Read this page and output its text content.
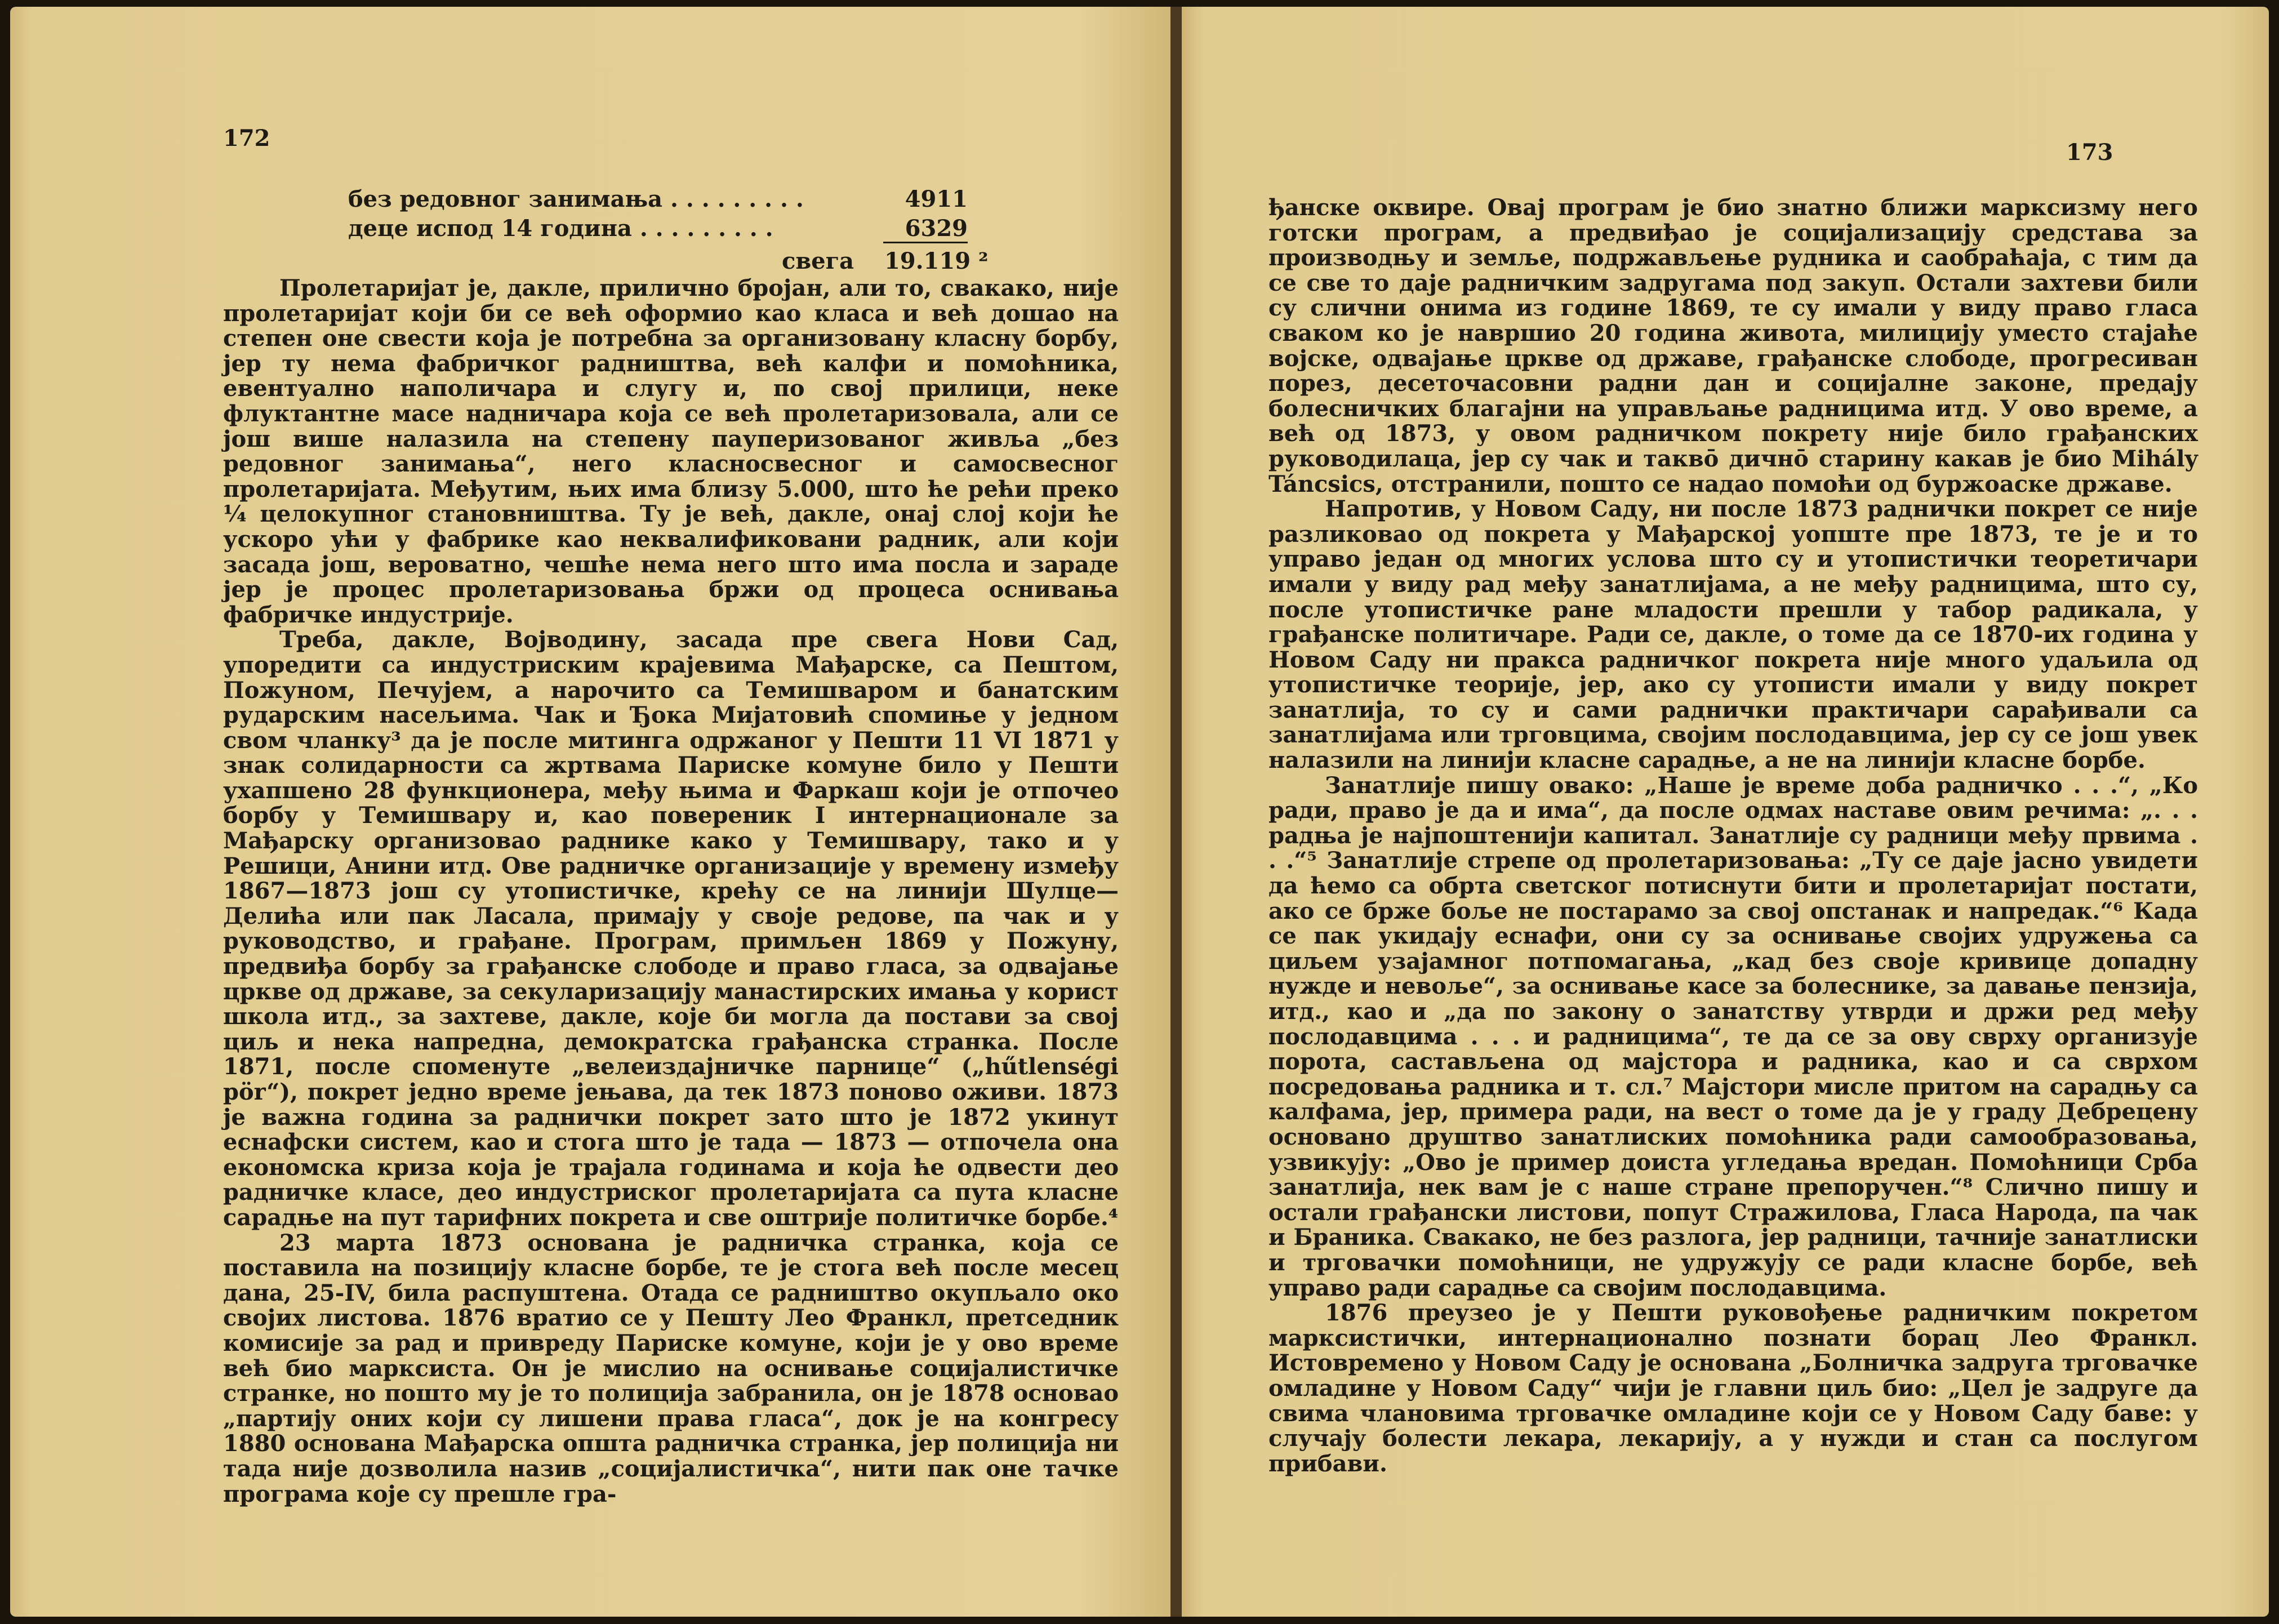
172
без редовног занимања . . . . . . . . .	4911
деце испод 14 година . . . . . . . . .	6329
свега 19.119 ²

Пролетаријат је, дакле, прилично бројан, али то, свакако, није пролетаријат који би се већ оформио као класа и већ дошао на степен оне свести која је потребна за организовану класну борбу, јер ту нема фабричког радништва, већ калфи и помоћника, евентуално наполичара и слугу и, по свој прилици, неке флуктантне масе надничара која се већ пролетаризовала, али се још више налазила на степену пауперизованог живља „без редовног занимања“, него класносвесног и самосвесног пролетаријата. Међутим, њих има близу 5.000, што ће рећи преко ¼ целокупног становништва. Ту је већ, дакле, онај слој који ће ускоро ући у фабрике као неквалификовани радник, али који засада још, вероватно, чешће нема него што има посла и зараде јер је процес пролетаризовања бржи од процеса оснивања фабричке индустрије.

Треба, дакле, Војводину, засада пре свега Нови Сад, упоредити са индустриским крајевима Мађарске, са Пештом, Пожуном, Печујем, а нарочито са Темишваром и банатским рударским насељима. Чак и Ђока Мијатовић спомиње у једном свом чланку³ да је после митинга одржаног у Пешти 11 VI 1871 у знак солидарности са жртвама Париске комуне било у Пешти ухапшено 28 функционера, међу њима и Фаркаш који је отпочео борбу у Темишвару и, као повереник I интернационале за Мађарску организовао раднике како у Темишвару, тако и у Решици, Анини итд. Ове радничке организације у времену између 1867—1873 још су утопистичке, крећу се на линији Шулце—Делића или пак Ласала, примају у своје редове, па чак и у руководство, и грађане. Програм, примљен 1869 у Пожуну, предвиђа борбу за грађанске слободе и право гласа, за одвајање цркве од државе, за секуларизацију манастирских имања у корист школа итд., за захтеве, дакле, које би могла да постави за свој циљ и нека напредна, демократска грађанска странка. После 1871, после споменуте „велеиздајничке парнице“ („hűtlenségi pör“), покрет једно време јењава, да тек 1873 поново оживи. 1873 је важна година за раднички покрет зато што је 1872 укинут еснафски систем, као и стога што је тада — 1873 — отпочела она економска криза која је трајала годинама и која ће одвести део радничке класе, део индустриског пролетаријата са пута класне сарадње на пут тарифних покрета и све оштрије политичке борбе.⁴

23 марта 1873 основана је радничка странка, која се поставила на позицију класне борбе, те је стога већ после месец дана, 25-IV, била распуштена. Отада се радништво окупљало око својих листова. 1876 вратио се у Пешту Лео Франкл, претседник комисије за рад и привреду Париске комуне, који је у ово време већ био марксиста. Он је мислио на оснивање социјалистичке странке, но пошто му је то полиција забранила, он је 1878 основао „партију оних који су лишени права гласа“, док је на конгресу 1880 основана Мађарска општа радничка странка, јер полиција ни тада није дозволила назив „социјалистичка“, нити пак оне тачке програма које су прешле гра-

173

ђанске оквире. Овај програм је био знатно ближи марксизму него готски програм, а предвиђао је социјализацију средстава за производњу и земље, подржављење рудника и саобраћаја, с тим да се све то даје радничким задругама под закуп. Остали захтеви били су слични онима из године 1869, те су имали у виду право гласа сваком ко је навршио 20 година живота, милицију уместо стајаће војске, одвајање цркве од државе, грађанске слободе, прогресиван порез, десеточасовни радни дан и социјалне законе, предају болесничких благајни на управљање радницима итд. У ово време, а већ од 1873, у овом радничком покрету није било грађанских руководилаца, јер су чак и такво̄ дично̄ старину какав је био Mihály Táncsics, отстранили, пошто се надао помоћи од буржоаске државе.

Напротив, у Новом Саду, ни после 1873 раднички покрет се није разликовао од покрета у Мађарској уопште пре 1873, те је и то управо један од многих услова што су и утопистички теоретичари имали у виду рад међу занатлијама, а не међу радницима, што су, после утопистичке ране младости прешли у табор радикала, у грађанске политичаре. Ради се, дакле, о томе да се 1870-их година у Новом Саду ни пракса радничког покрета није много удаљила од утопистичке теорије, јер, ако су утописти имали у виду покрет занатлија, то су и сами раднички практичари сарађивали са занатлијама или трговцима, својим послодавцима, јер су се још увек налазили на линији класне сарадње, а не на линији класне борбе.

Занатлије пишу овако: „Наше је време доба радничко . . .“, „Ко ради, право је да и има“, да после одмах наставе овим речима: „. . . радња је најпоштенији капитал. Занатлије су радници међу првима . . .“⁵ Занатлије стрепе од пролетаризовања: „Ту се даје јасно увидети да ћемо са обрта светског потиснути бити и пролетаријат постати, ако се брже боље не постарамо за свој опстанак и напредак.“⁶ Када се пак укидају еснафи, они су за оснивање својих удружења са циљем узајамног потпомагања, „кад без своје кривице допадну нужде и невоље“, за оснивање касе за болеснике, за давање пензија, итд., као и „да по закону о занатству утврди и држи ред међу послодавцима . . . и радницима“, те да се за ову сврху организује порота, састављена од мајстора и радника, као и са сврхом посредовања радника и т. сл.⁷ Мајстори мисле притом на сарадњу са калфама, јер, примера ради, на вест о томе да је у граду Дебрецену основано друштво занатлиских помоћника ради самообразовања, узвикују: „Ово је пример доиста угледања вредан. Помоћници Срба занатлија, нек вам је с наше стране препоручен.“⁸ Слично пишу и остали грађански листови, попут Стражилова, Гласа Народа, па чак и Браника. Свакако, не без разлога, јер радници, тачније занатлиски и трговачки помоћници, не удружују се ради класне борбе, већ управо ради сарадње са својим послодавцима.

1876 преузео је у Пешти руковођење радничким покретом марксистички, интернационално познати борац Лео Франкл. Истовремено у Новом Саду је основана „Болничка задруга трговачке омладине у Новом Саду“ чији је главни циљ био: „Цел је задруге да свима члановима трговачке омладине који се у Новом Саду баве: у случају болести лекара, лекарију, а у нужди и стан са послугом прибави.
